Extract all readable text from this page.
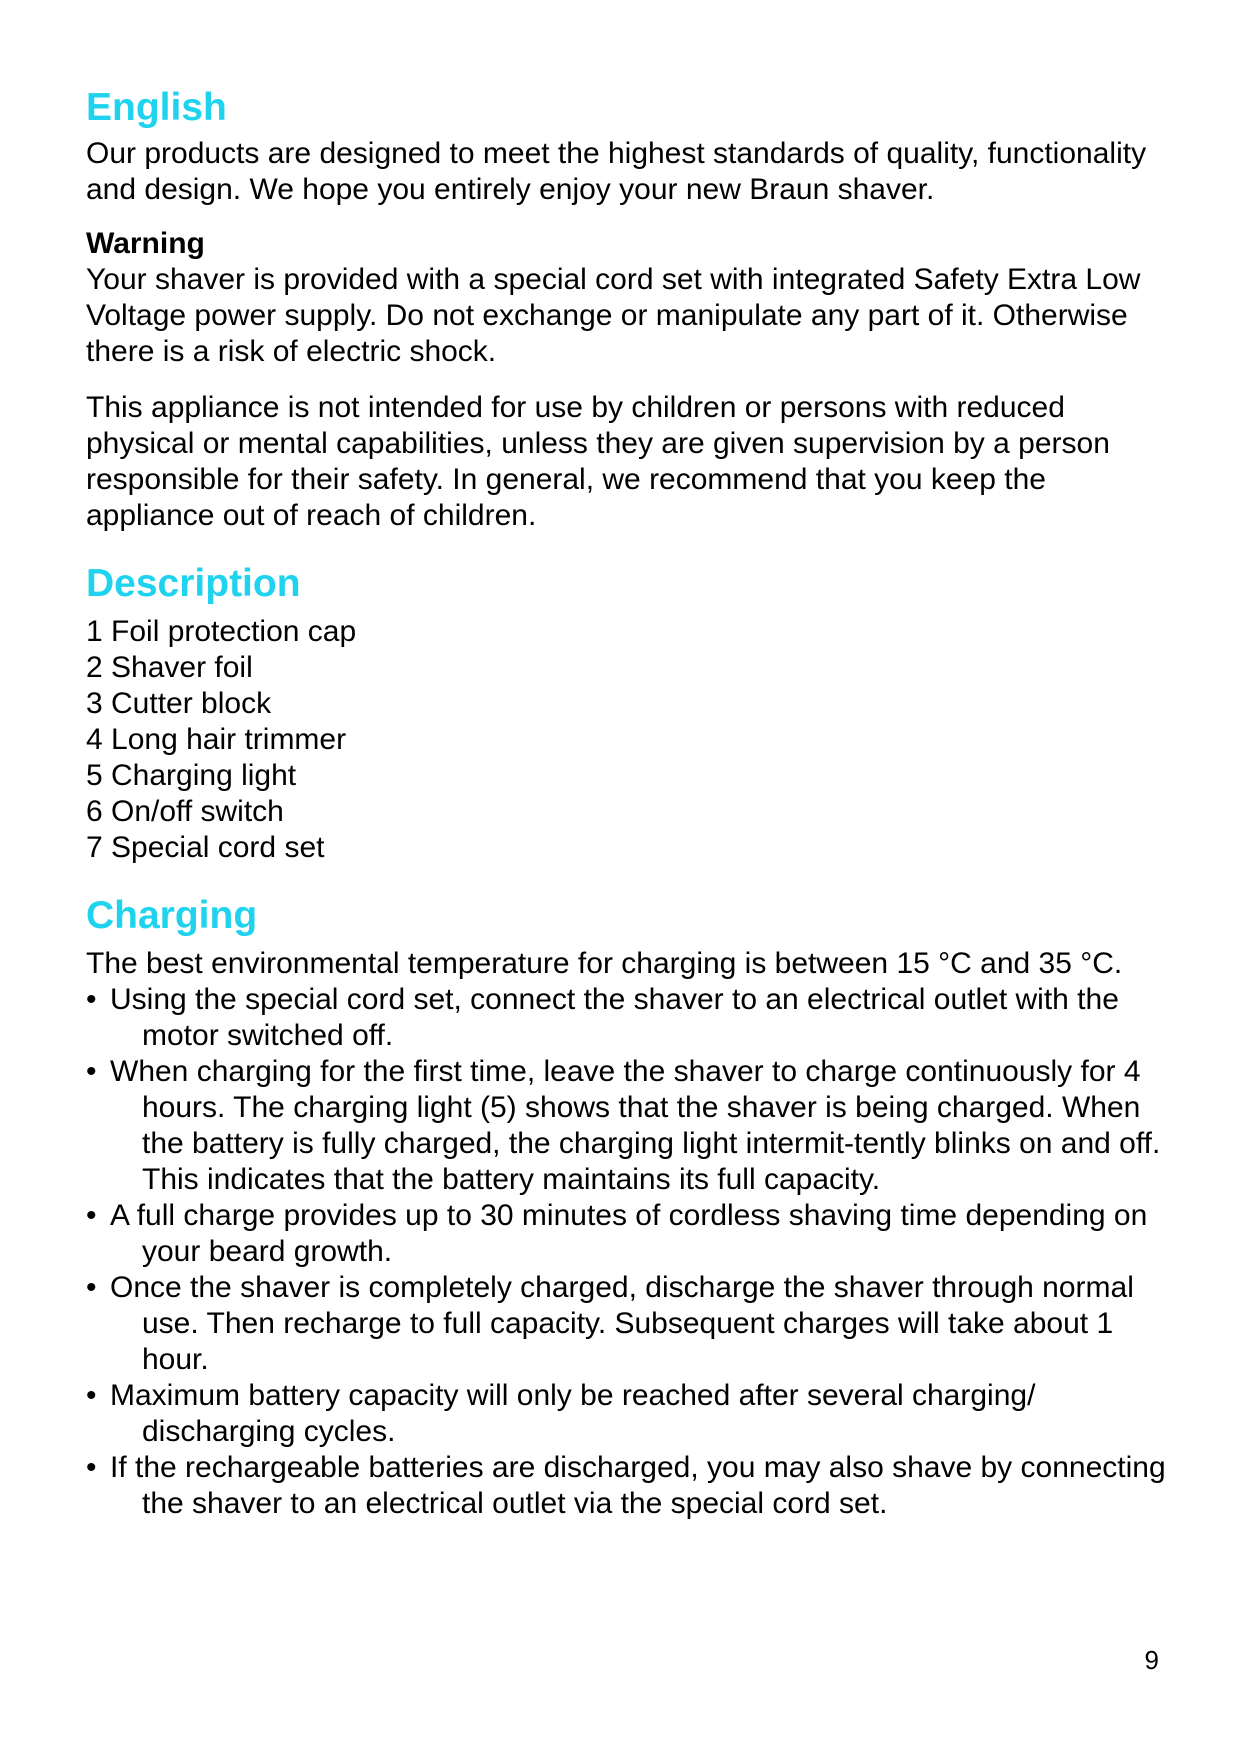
English

Our products are designed to meet the highest standards of quality, functionality and design. We hope you entirely enjoy your new Braun shaver.

Warning

Your shaver is provided with a special cord set with integrated Safety Extra Low Voltage power supply. Do not exchange or manipulate any part of it. Otherwise there is a risk of electric shock.

This appliance is not intended for use by children or persons with reduced physical or mental capabilities, unless they are given supervision by a person responsible for their safety. In general, we recommend that you keep the appliance out of reach of children.

Description
1 Foil protection cap
2 Shaver foil
3 Cutter block
4 Long hair trimmer
5 Charging light
6 On/off switch
7 Special cord set
Charging

The best environmental temperature for charging is between 15 °C and 35 °C.

• Using the special cord set, connect the shaver to an electrical outlet with the motor switched off.
• When charging for the first time, leave the shaver to charge continuously for 4 hours. The charging light (5) shows that the shaver is being charged. When the battery is fully charged, the charging light intermit-tently blinks on and off. This indicates that the battery maintains its full capacity.
• A full charge provides up to 30 minutes of cordless shaving time depending on your beard growth.
• Once the shaver is completely charged, discharge the shaver through normal use. Then recharge to full capacity. Subsequent charges will take about 1 hour.
• Maximum battery capacity will only be reached after several charging/ discharging cycles.
• If the rechargeable batteries are discharged, you may also shave by connecting the shaver to an electrical outlet via the special cord set.
9
